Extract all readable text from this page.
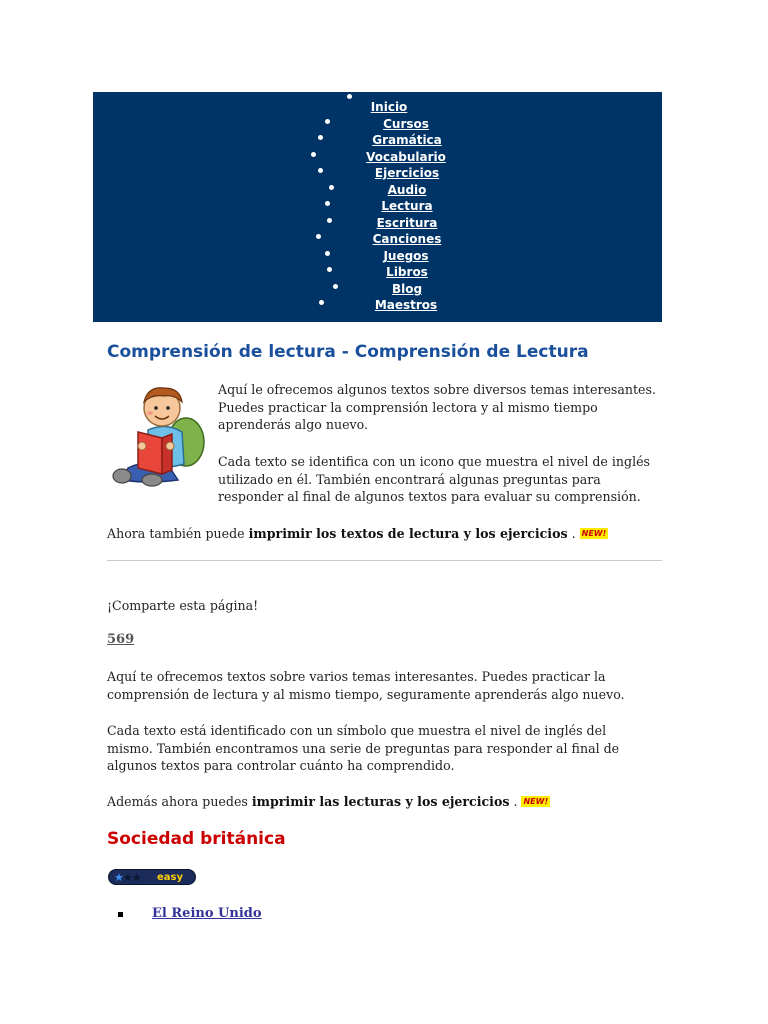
Inicio
Cursos
Gramática
Vocabulario
Ejercicios
Audio
Lectura
Escritura
Canciones
Juegos
Libros
Blog
Maestros
Comprensión de lectura - Comprensión de Lectura

Aquí le ofrecemos algunos textos sobre diversos temas interesantes. Puedes practicar la comprensión lectora y al mismo tiempo aprenderás algo nuevo.

Cada texto se identifica con un icono que muestra el nivel de inglés utilizado en él. También encontrará algunas preguntas para responder al final de algunos textos para evaluar su comprensión.

Ahora también puede imprimir los textos de lectura y los ejercicios . NEW!

¡Comparte esta página!

569

Aquí te ofrecemos textos sobre varios temas interesantes. Puedes practicar la comprensión de lectura y al mismo tiempo, seguramente aprenderás algo nuevo.

Cada texto está identificado con un símbolo que muestra el nivel de inglés del mismo. También encontramos una serie de preguntas para responder al final de algunos textos para controlar cuánto ha comprendido.

Además ahora puedes imprimir las lecturas y los ejercicios . NEW!

Sociedad británica
★★★ easy
El Reino Unido
